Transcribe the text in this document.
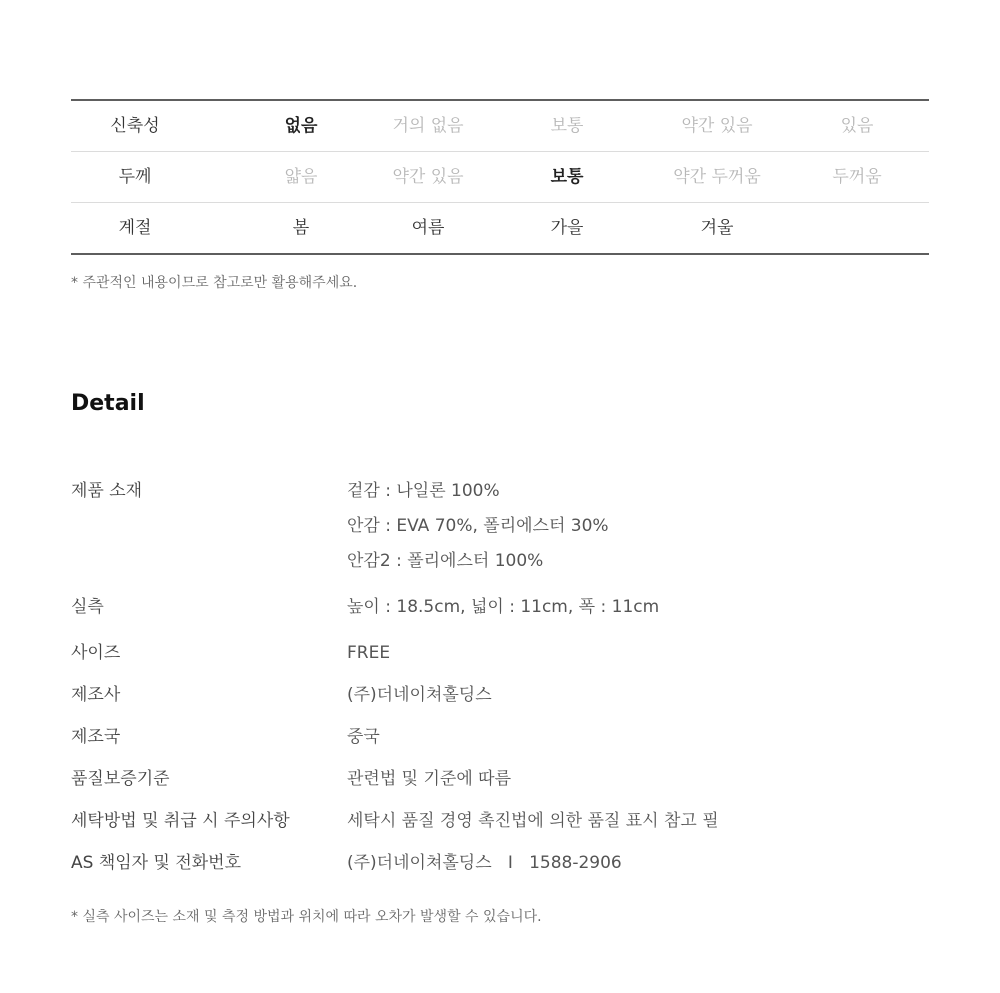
신축성	없음	거의 없음	보통	약간 있음	있음
두께	얇음	약간 있음	보통	약간 두꺼움	두꺼움
계절	봄	여름	가을	겨울
* 주관적인 내용이므로 참고로만 활용해주세요.
Detail
제품 소재	겉감 : 나일론 100%
안감 : EVA 70%, 폴리에스터 30%
안감2 : 폴리에스터 100%
실측	높이 : 18.5cm, 넓이 : 11cm, 폭 : 11cm
사이즈	FREE
제조사	(주)더네이쳐홀딩스
제조국	중국
품질보증기준	관련법 및 기준에 따름
세탁방법 및 취급 시 주의사항	세탁시 품질 경영 촉진법에 의한 품질 표시 참고 필
AS 책임자 및 전화번호	(주)더네이쳐홀딩스   I   1588-2906
* 실측 사이즈는 소재 및 측정 방법과 위치에 따라 오차가 발생할 수 있습니다.
